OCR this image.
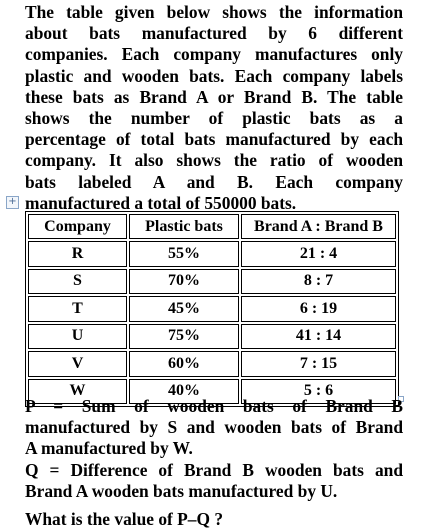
The table given below shows the information
about bats manufactured by 6 different
companies. Each company manufactures only
plastic and wooden bats. Each company labels
these bats as Brand A or Brand B. The table
shows the number of plastic bats as a
percentage of total bats manufactured by each
company. It also shows the ratio of wooden
bats labeled A and B. Each company
manufactured a total of 550000 bats.
+
Company	Plastic bats	Brand A : Brand B
R	55%	21 : 4
S	70%	8 : 7
T	45%	6 : 19
U	75%	41 : 14
V	60%	7 : 15
W	40%	5 : 6
P = Sum of wooden bats of Brand B
manufactured by S and wooden bats of Brand
A manufactured by W.
Q = Difference of Brand B wooden bats and
Brand A wooden bats manufactured by U.
What is the value of P–Q ?
